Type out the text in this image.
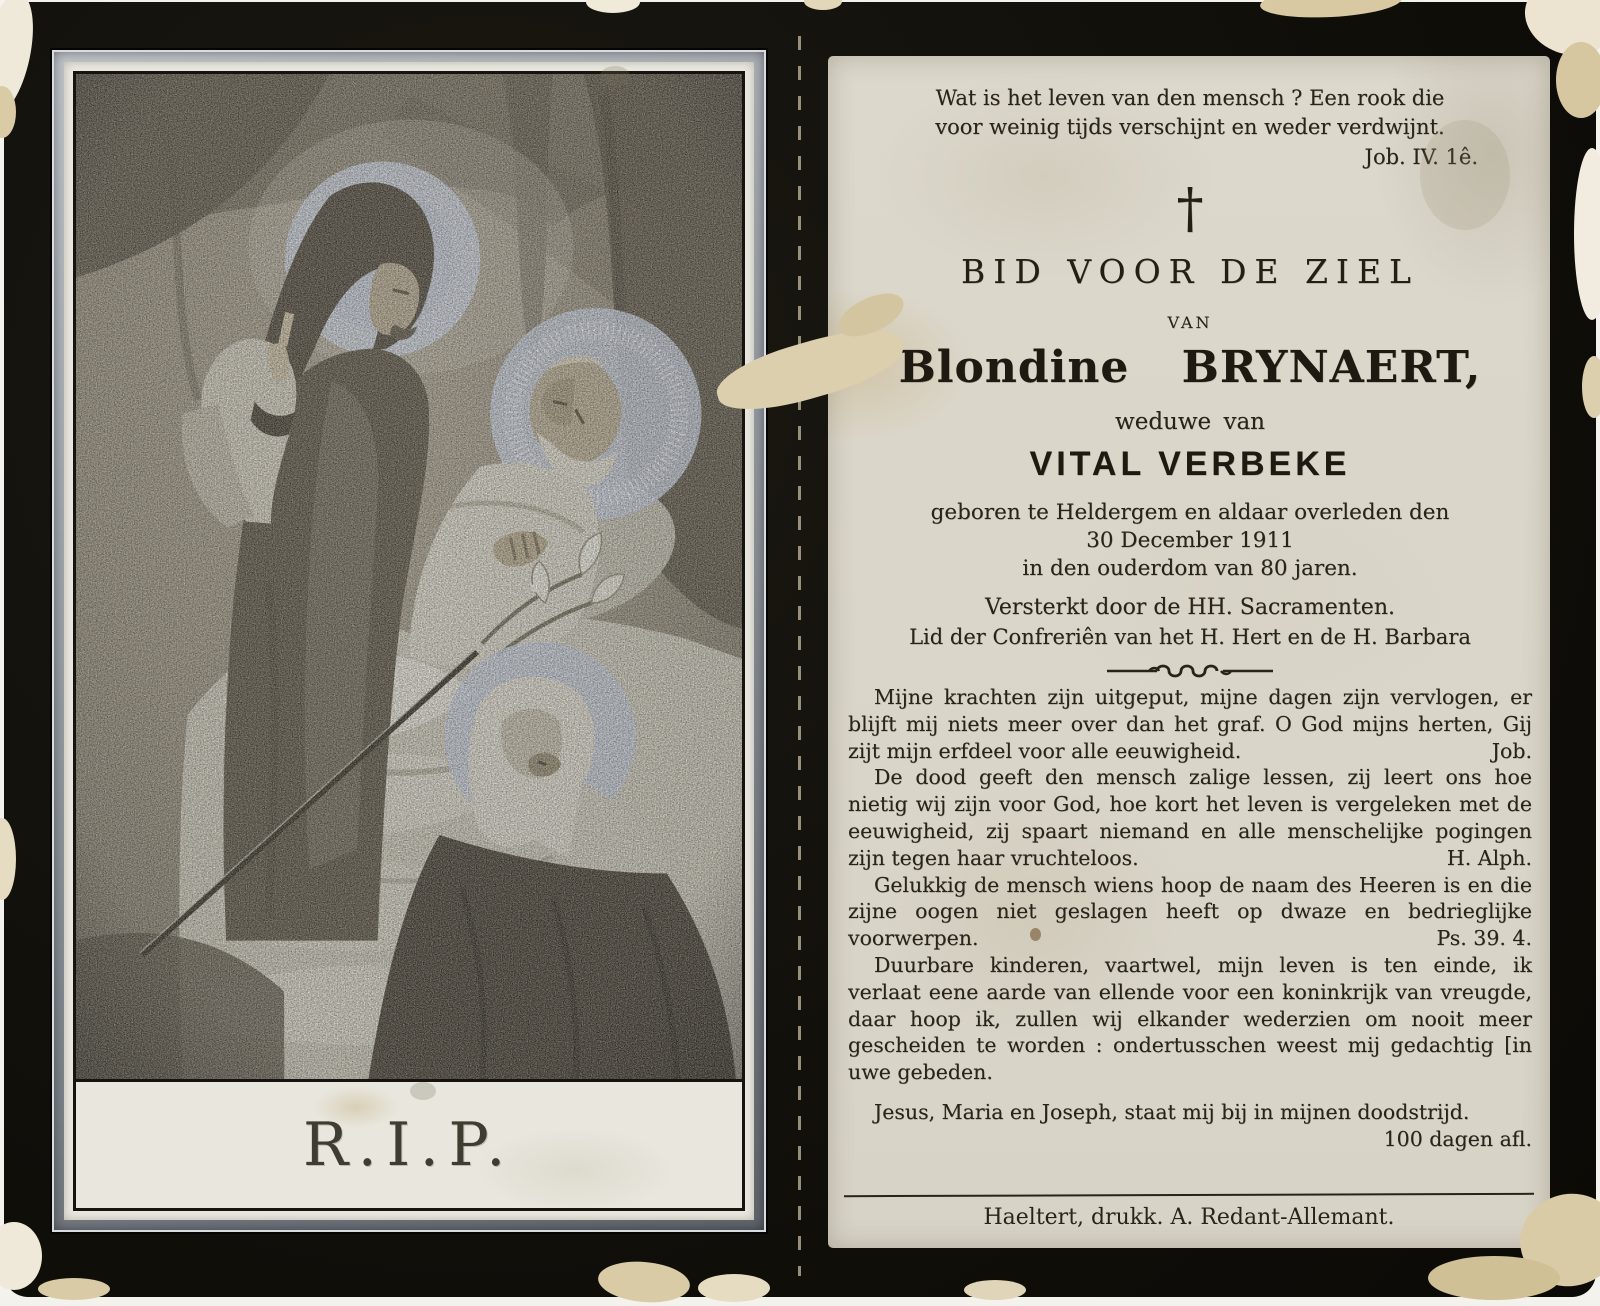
R.I.P.
Wat is het leven van den mensch ? Een rook die
voor weinig tijds verschijnt en weder verdwijnt.
Job. IV. 1ê.
†
BID VOOR DE ZIEL
VAN
Blondine BRYNAERT,
weduwe van
VITAL VERBEKE
geboren te Heldergem en aldaar overleden den
30 December 1911
in den ouderdom van 80 jaren.
Versterkt door de HH. Sacramenten.
Lid der Confreriên van het H. Hert en de H. Barbara

Mijne krachten zijn uitgeput, mijne dagen zijn vervlogen, er blijft mij niets meer over dan het graf. O God mijns herten, Gij zijt mijn erfdeel voor alle eeuwigheid.	Job.

De dood geeft den mensch zalige lessen, zij leert ons hoe nietig wij zijn voor God, hoe kort het leven is vergeleken met de eeuwigheid, zij spaart niemand en alle menschelijke pogingen zijn tegen haar vruchteloos.	H. Alph.

Gelukkig de mensch wiens hoop de naam des Heeren is en die zijne oogen niet geslagen heeft op dwaze en bedrieglijke voorwerpen.	Ps. 39. 4.

Duurbare kinderen, vaartwel, mijn leven is ten einde, ik verlaat eene aarde van ellende voor een koninkrijk van vreugde, daar hoop ik, zullen wij elkander wederzien om nooit meer gescheiden te worden : ondertusschen weest mij gedachtig [in uwe gebeden.

Jesus, Maria en Joseph, staat mij bij in mijnen doodstrijd.
100 dagen afl.

Haeltert, drukk. A. Redant-Allemant.
